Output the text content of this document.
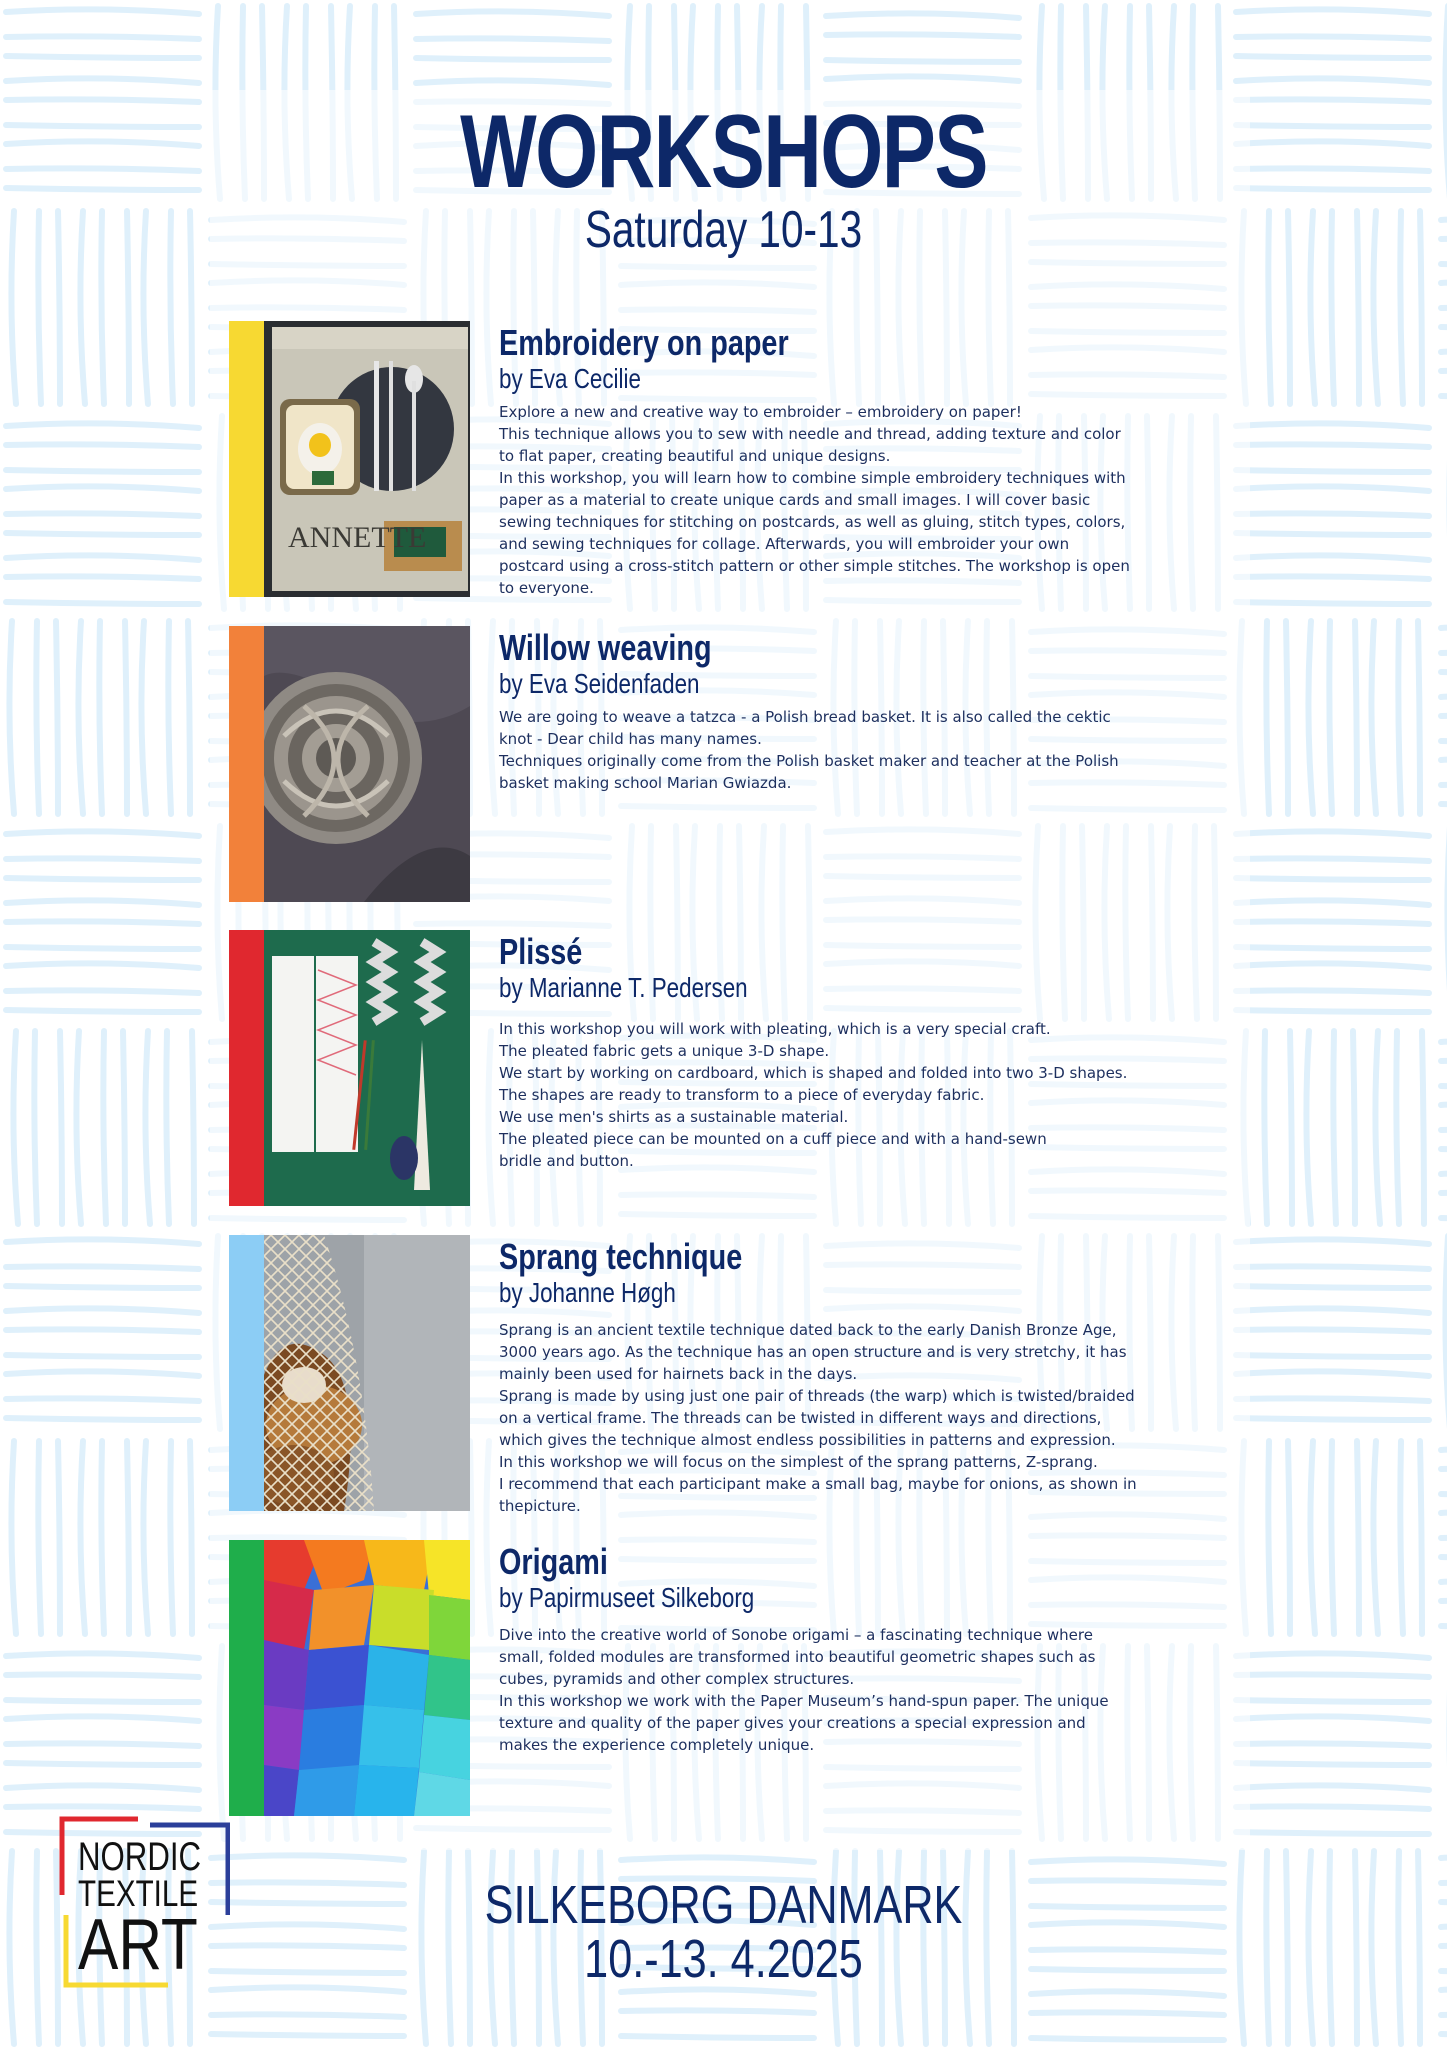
WORKSHOPS
Saturday 10-13
ANNETTE
Embroidery on paper
by Eva Cecilie

Explore a new and creative way to embroider – embroidery on paper!

This technique allows you to sew with needle and thread, adding texture and color to flat paper, creating beautiful and unique designs.

In this workshop, you will learn how to combine simple embroidery techniques with paper as a material to create unique cards and small images. I will cover basic sewing techniques for stitching on postcards, as well as gluing, stitch types, colors, and sewing techniques for collage. Afterwards, you will embroider your own postcard using a cross-stitch pattern or other simple stitches. The workshop is open to everyone.

Willow weaving
by Eva Seidenfaden

We are going to weave a tatzca - a Polish bread basket. It is also called the cektic knot - Dear child has many names.

Techniques originally come from the Polish basket maker and teacher at the Polish basket making school Marian Gwiazda.

Plissé
by Marianne T. Pedersen

In this workshop you will work with pleating, which is a very special craft.

The pleated fabric gets a unique 3-D shape.

We start by working on cardboard, which is shaped and folded into two 3-D shapes.

The shapes are ready to transform to a piece of everyday fabric.

We use men's shirts as a sustainable material.

The pleated piece can be mounted on a cuff piece and with a hand-sewn

bridle and button.

Sprang technique
by Johanne Høgh

Sprang is an ancient textile technique dated back to the early Danish Bronze Age, 3000 years ago. As the technique has an open structure and is very stretchy, it has mainly been used for hairnets back in the days.

Sprang is made by using just one pair of threads (the warp) which is twisted/braided on a vertical frame. The threads can be twisted in different ways and directions, which gives the technique almost endless possibilities in patterns and expression.

In this workshop we will focus on the simplest of the sprang patterns, Z-sprang.

I recommend that each participant make a small bag, maybe for onions, as shown in thepicture.

Origami
by Papirmuseet Silkeborg

Dive into the creative world of Sonobe origami – a fascinating technique where small, folded modules are transformed into beautiful geometric shapes such as cubes, pyramids and other complex structures.

In this workshop we work with the Paper Museum’s hand-spun paper. The unique texture and quality of the paper gives your creations a special expression and makes the experience completely unique.

NORDIC
TEXTILE
ART	SILKEBORG DANMARK
10.-13. 4.2025
